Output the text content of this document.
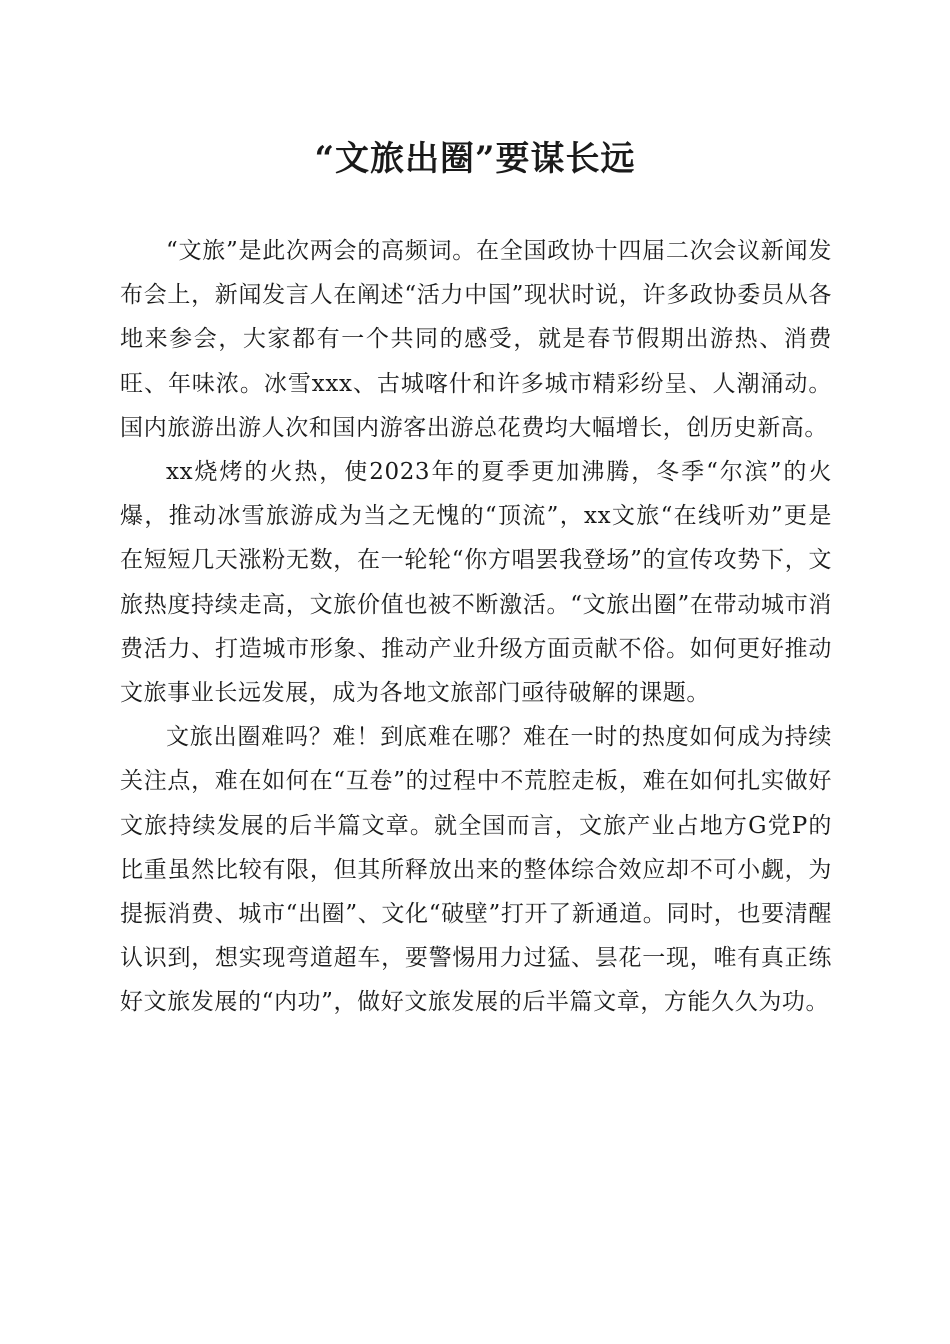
“文旅出圈”要谋长远

“文旅”是此次两会的高频词。在全国政协十四届二次会议新闻发布会上，新闻发言人在阐述“活力中国”现状时说，许多政协委员从各地来参会，大家都有一个共同的感受，就是春节假期出游热、消费旺、年味浓。冰雪xxx、古城喀什和许多城市精彩纷呈、人潮涌动。国内旅游出游人次和国内游客出游总花费均大幅增长，创历史新高。

xx烧烤的火热，使2023年的夏季更加沸腾，冬季“尔滨”的火爆，推动冰雪旅游成为当之无愧的“顶流”，xx文旅“在线听劝”更是在短短几天涨粉无数，在一轮轮“你方唱罢我登场”的宣传攻势下，文旅热度持续走高，文旅价值也被不断激活。“文旅出圈”在带动城市消费活力、打造城市形象、推动产业升级方面贡献不俗。如何更好推动文旅事业长远发展，成为各地文旅部门亟待破解的课题。

文旅出圈难吗？难！到底难在哪？难在一时的热度如何成为持续关注点，难在如何在“互卷”的过程中不荒腔走板，难在如何扎实做好文旅持续发展的后半篇文章。就全国而言，文旅产业占地方G党P的比重虽然比较有限，但其所释放出来的整体综合效应却不可小觑，为提振消费、城市“出圈”、文化“破壁”打开了新通道。同时，也要清醒认识到，想实现弯道超车，要警惕用力过猛、昙花一现，唯有真正练好文旅发展的“内功”，做好文旅发展的后半篇文章，方能久久为功。
